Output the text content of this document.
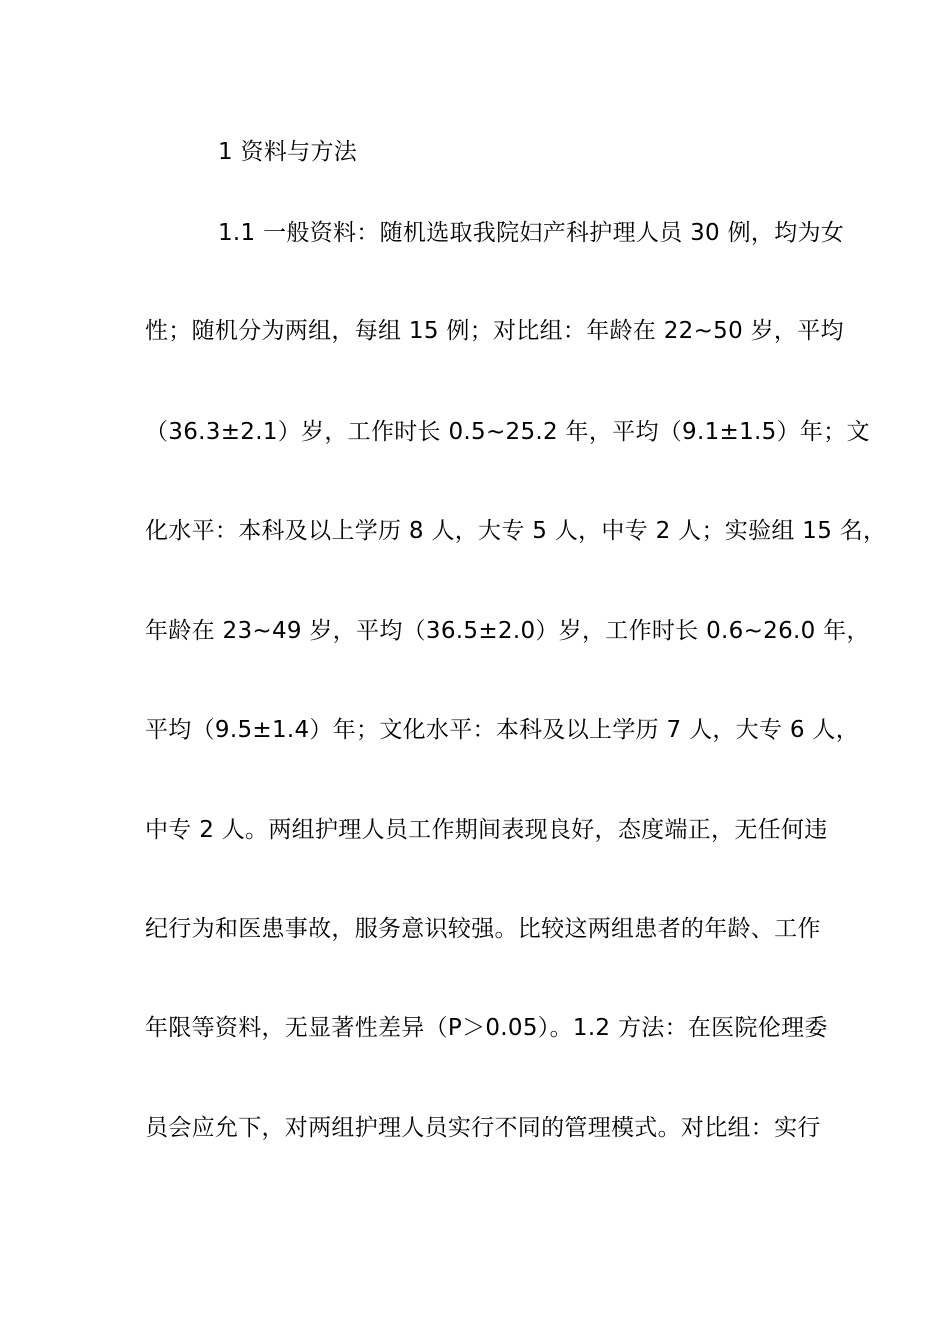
1 资料与方法
1.1 一般资料：随机选取我院妇产科护理人员 30 例，均为女
性；随机分为两组，每组 15 例；对比组：年龄在 22~50 岁，平均
（36.3±2.1）岁，工作时长 0.5~25.2 年，平均（9.1±1.5）年；文
化水平：本科及以上学历 8 人，大专 5 人，中专 2 人；实验组 15 名，
年龄在 23~49 岁，平均（36.5±2.0）岁，工作时长 0.6~26.0 年，
平均（9.5±1.4）年；文化水平：本科及以上学历 7 人，大专 6 人，
中专 2 人。两组护理人员工作期间表现良好，态度端正，无任何违
纪行为和医患事故，服务意识较强。比较这两组患者的年龄、工作
年限等资料，无显著性差异（P＞0.05）。1.2 方法：在医院伦理委
员会应允下，对两组护理人员实行不同的管理模式。对比组：实行
